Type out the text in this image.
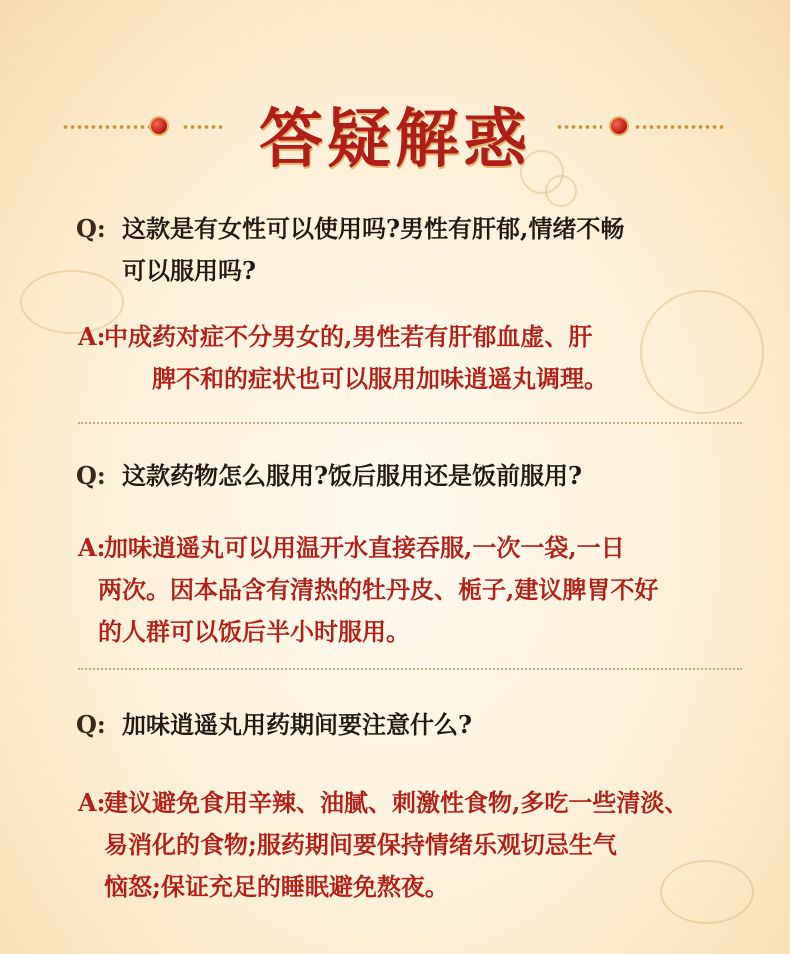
答疑解惑
Q: 这款是有女性可以使用吗?男性有肝郁,情绪不畅
可以服用吗?
A:
中成药对症不分男女的,男性若有肝郁血虚、肝
脾不和的症状也可以服用加味逍遥丸调理。
Q: 这款药物怎么服用?饭后服用还是饭前服用?
A:
加味逍遥丸可以用温开水直接吞服,一次一袋,一日
两次。因本品含有清热的牡丹皮、栀子,建议脾胃不好
的人群可以饭后半小时服用。
Q: 加味逍遥丸用药期间要注意什么?
A:
建议避免食用辛辣、油腻、刺激性食物,多吃一些清淡、
易消化的食物;服药期间要保持情绪乐观切忌生气
恼怒;保证充足的睡眠避免熬夜。
